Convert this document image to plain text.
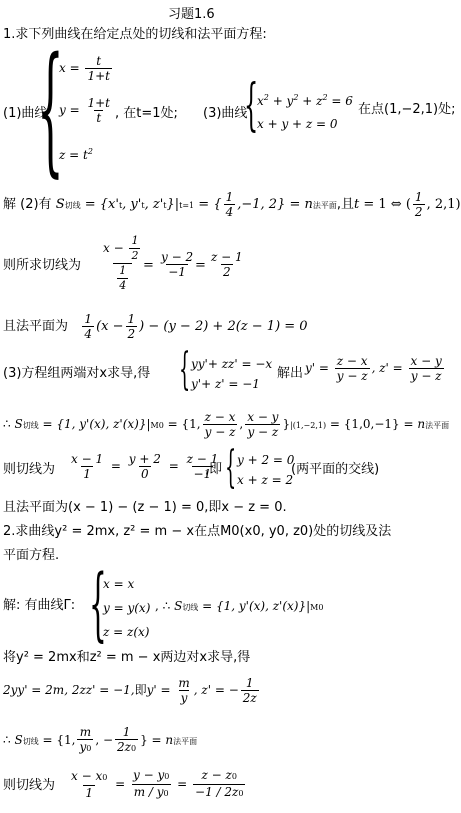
习题1.6
1.求下列曲线在给定点处的切线和法平面方程:
(1)曲线
{
$x = \frac{t}{1+t}$
$y = \frac{1+t}{t}$
$z = t^2$
, 在t=1处; (3)曲线
{
$x^2 + y^2 + z^2 = 6$
x + y + z = 0
在点(1,−2,1)处;
解 (2)有 S切线 = {x't, y't, z't}|t=1 = { $\frac{1}{4} ,-1$, 2} = n法平面,且t = 1 ⇔ ( $\frac{1}{2}$ , 2,1)
则所求切线为 $\frac{x - \frac{1}{2}}{\frac{1}{4}}$
= $\frac{y - 2}{-1} = \frac{z - 1}{2}$
且法平面为 $\frac{1}{4} (x - \frac{1}{2}$ ) − (y − 2) + 2(z − 1) = 0
(3)方程组两端对x求导,得 { yy'+ zz' = −x
y'+ z' = −1
解出 $y' = \frac{z - x}{y - z}$ , $z' = \frac{x - y}{y - z}$
∴ S切线 = {1, y'(x), z'(x)}|M0 = {1, $\frac{z - x}{y - z}$ , $\frac{x - y}{y - z} \}|(1,-2,1) = \{1,0,-1\} = n$法平面
则切线为 $\frac{x - 1}{1} = \frac{y + 2}{0} = \frac{z - 1}{-1}$
,即 { y + 2 = 0
x + z = 2
(两平面的交线)
且法平面为(x − 1) − (z − 1) = 0,即x − z = 0.
2.求曲线y² = 2mx, z² = m − x在点M0(x0, y0, z0)处的切线及法
平面方程.
解: 有曲线Γ: {
x = x
y = y(x)
z = z(x)
, ∴ S切线 = {1, y'(x), z'(x)}|M0
将y² = 2mx和z² = m − x两边对x求导,得
2yy' = 2m, 2zz' = −1,即$y' = \frac{m}{y}$ , z' = − $\frac{1}{2z}$
∴ S切线 = {1, $\frac{m}{y0}$ , − $\frac{1}{2z0}$ } = n法平面
则切线为 $\frac{x - x0}{1} = \frac{y - y0}{m / y0} = \frac{z - z0}{-1 / 2z0}$
